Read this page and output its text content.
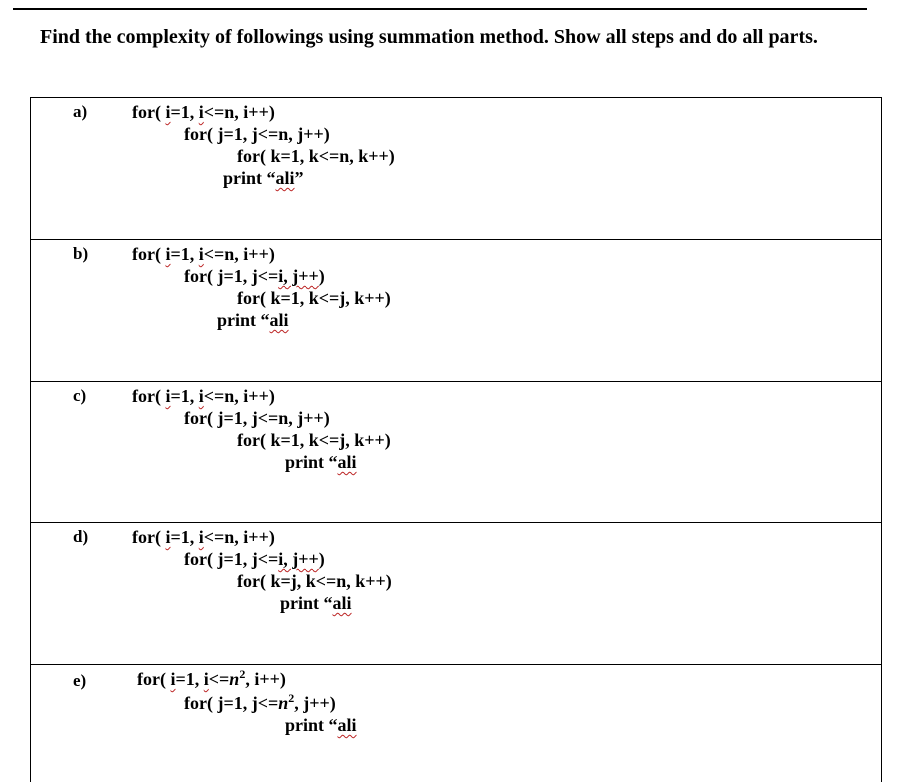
Find the complexity of followings using summation method. Show all steps and do all parts.
a) for( i=1, i<=n, i++)
for( j=1, j<=n, j++)
for( k=1, k<=n, k++)
print “ali”
b) for( i=1, i<=n, i++)
for( j=1, j<=i, j++)
for( k=1, k<=j, k++)
print “ali
c)	for( i=1, i<=n, i++)
for( j=1, j<=n, j++)
for( k=1, k<=j, k++)
print “ali
d) for( i=1, i<=n, i++)
for( j=1, j<=i, j++)
for( k=j, k<=n, k++)
print “ali
e)	for( i=1, $i<=n^2$, i++)
for( j=1, $j<=n^2$, j++)
print “ali
